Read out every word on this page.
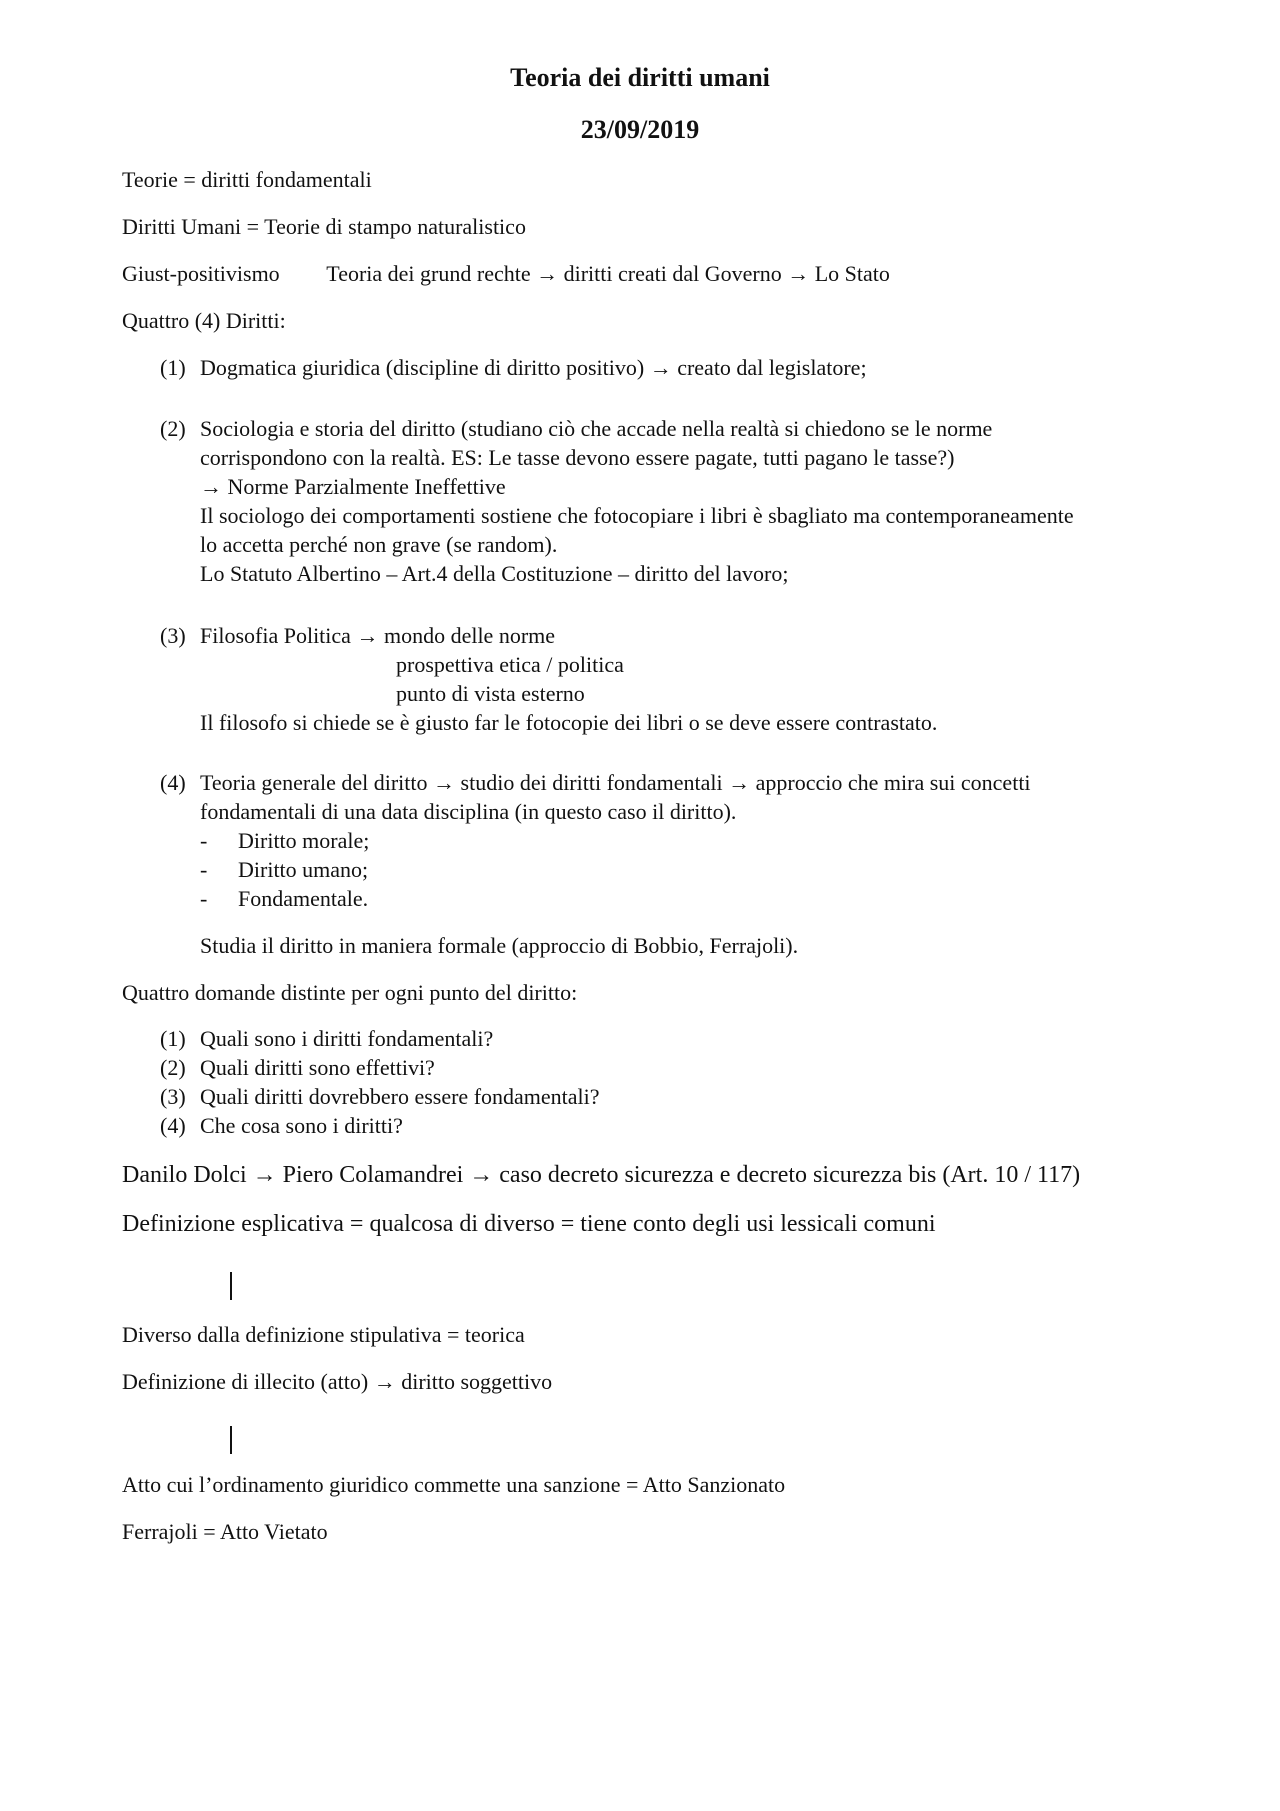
Teoria dei diritti umani
23/09/2019
Teorie = diritti fondamentali
Diritti Umani = Teorie di stampo naturalistico
Giust-positivismo Teoria dei grund rechte → diritti creati dal Governo → Lo Stato
Quattro (4) Diritti:
(1) Dogmatica giuridica (discipline di diritto positivo) → creato dal legislatore;
(2) Sociologia e storia del diritto (studiano ciò che accade nella realtà si chiedono se le norme
corrispondono con la realtà. ES: Le tasse devono essere pagate, tutti pagano le tasse?)
→ Norme Parzialmente Ineffettive
Il sociologo dei comportamenti sostiene che fotocopiare i libri è sbagliato ma contemporaneamente
lo accetta perché non grave (se random).
Lo Statuto Albertino – Art.4 della Costituzione – diritto del lavoro;
(3) Filosofia Politica → mondo delle norme
prospettiva etica / politica
punto di vista esterno
Il filosofo si chiede se è giusto far le fotocopie dei libri o se deve essere contrastato.
(4) Teoria generale del diritto → studio dei diritti fondamentali → approccio che mira sui concetti
fondamentali di una data disciplina (in questo caso il diritto).
- Diritto morale;
- Diritto umano;
- Fondamentale.
Studia il diritto in maniera formale (approccio di Bobbio, Ferrajoli).
Quattro domande distinte per ogni punto del diritto:
(1) Quali sono i diritti fondamentali?
(2) Quali diritti sono effettivi?
(3) Quali diritti dovrebbero essere fondamentali?
(4) Che cosa sono i diritti?
Danilo Dolci → Piero Colamandrei → caso decreto sicurezza e decreto sicurezza bis (Art. 10 / 117)
Definizione esplicativa = qualcosa di diverso = tiene conto degli usi lessicali comuni
Diverso dalla definizione stipulativa = teorica
Definizione di illecito (atto) → diritto soggettivo
Atto cui l’ordinamento giuridico commette una sanzione = Atto Sanzionato
Ferrajoli = Atto Vietato
